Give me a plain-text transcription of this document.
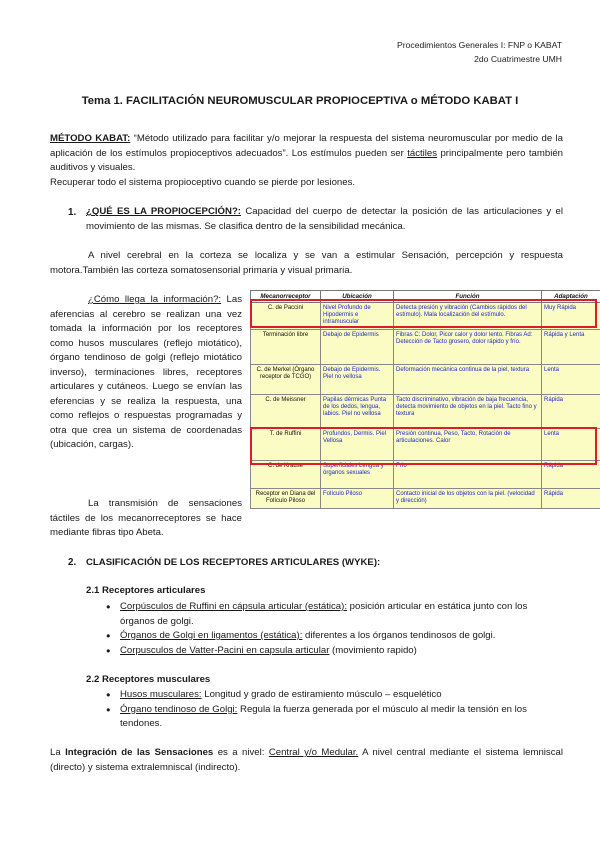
Procedimientos Generales I: FNP o KABAT
2do Cuatrimestre UMH
Tema 1. FACILITACIÓN NEUROMUSCULAR PROPIOCEPTIVA o MÉTODO KABAT I
MÉTODO KABAT: “Método utilizado para facilitar y/o mejorar la respuesta del sistema neuromuscular por medio de la aplicación de los estímulos propioceptivos adecuados”. Los estímulos pueden ser táctiles principalmente pero también auditivos y visuales.
Recuperar todo el sistema propioceptivo cuando se pierde por lesiones.
1. ¿QUÉ ES LA PROPIOCEPCIÓN?: Capacidad del cuerpo de detectar la posición de las articulaciones y el movimiento de las mismas. Se clasifica dentro de la sensibilidad mecánica.
A nivel cerebral en la corteza se localiza y se van a estimular Sensación, percepción y respuesta motora.También las corteza somatosensorial primaria y visual primaria.
¿Cómo llega la información?: Las aferencias al cerebro se realizan una vez tomada la información por los receptores como husos musculares (reflejo miotático), órgano tendinoso de golgi (reflejo miotático inverso), terminaciones libres, receptores articulares y cutáneos. Luego se envían las eferencias y se realiza la respuesta, una como reflejos o respuestas programadas y otra que crea un sistema de coordenadas (ubicación, cargas).
La transmisión de sensaciones táctiles de los mecanorreceptores se hace mediante fibras tipo Abeta.
Mecanorreceptor	Ubicación	Función	Adaptación
C. de Paccini	Nivel Profundo de Hipodermis e intramuscular	Detecta presión y vibración (Cambios rápidos del estímulo). Mala localización del estímulo.	Muy Rápida
Terminación libre	Debajo de Epidermis	Fibras C: Dolor, Picor calor y dolor lento. Fibras Ad: Detección de Tacto grosero, dolor rápido y frío.	Rápida y Lenta
C. de Merkel (Órgano receptor de TCGO)	Debajo de Epidermis. Piel no vellosa	Deformación mecánica continua de la piel, textura	Lenta
C. de Meissner	Papilas dérmicas Punta de los dedos, lengua, labios. Piel no vellosa	Tacto discriminativo, vibración de baja frecuencia, detecta movimiento de objetos en la piel. Tacto fino y textura	Rápida
T. de Ruffini	Profundos, Dermis. Piel Vellosa	Presión continua, Peso, Tacto, Rotación de articulaciones. Calor	Lenta
C. de Krause	Superficiales Lengua y órganos sexuales	Frío	Rápida
Receptor en Diana del Folículo Piloso	Folículo Piloso	Contacto inicial de los objetos con la piel. (velocidad y dirección)	Rápida
2. CLASIFICACIÓN DE LOS RECEPTORES ARTICULARES (WYKE):
2.1 Receptores articulares
● Corpúsculos de Ruffini en cápsula articular (estática): posición articular en estática junto con los órganos de golgi.
● Órganos de Golgi en ligamentos (estática): diferentes a los órganos tendinosos de golgi.
● Corpusculos de Vatter-Pacini en capsula articular (movimiento rapido)
2.2 Receptores musculares
● Husos musculares: Longitud y grado de estiramiento músculo – esquelético
● Órgano tendinoso de Golgi: Regula la fuerza generada por el músculo al medir la tensión en los tendones.
La Integración de las Sensaciones es a nivel: Central y/o Medular. A nivel central mediante el sistema lemniscal (directo) y sistema extralemniscal (indirecto).
